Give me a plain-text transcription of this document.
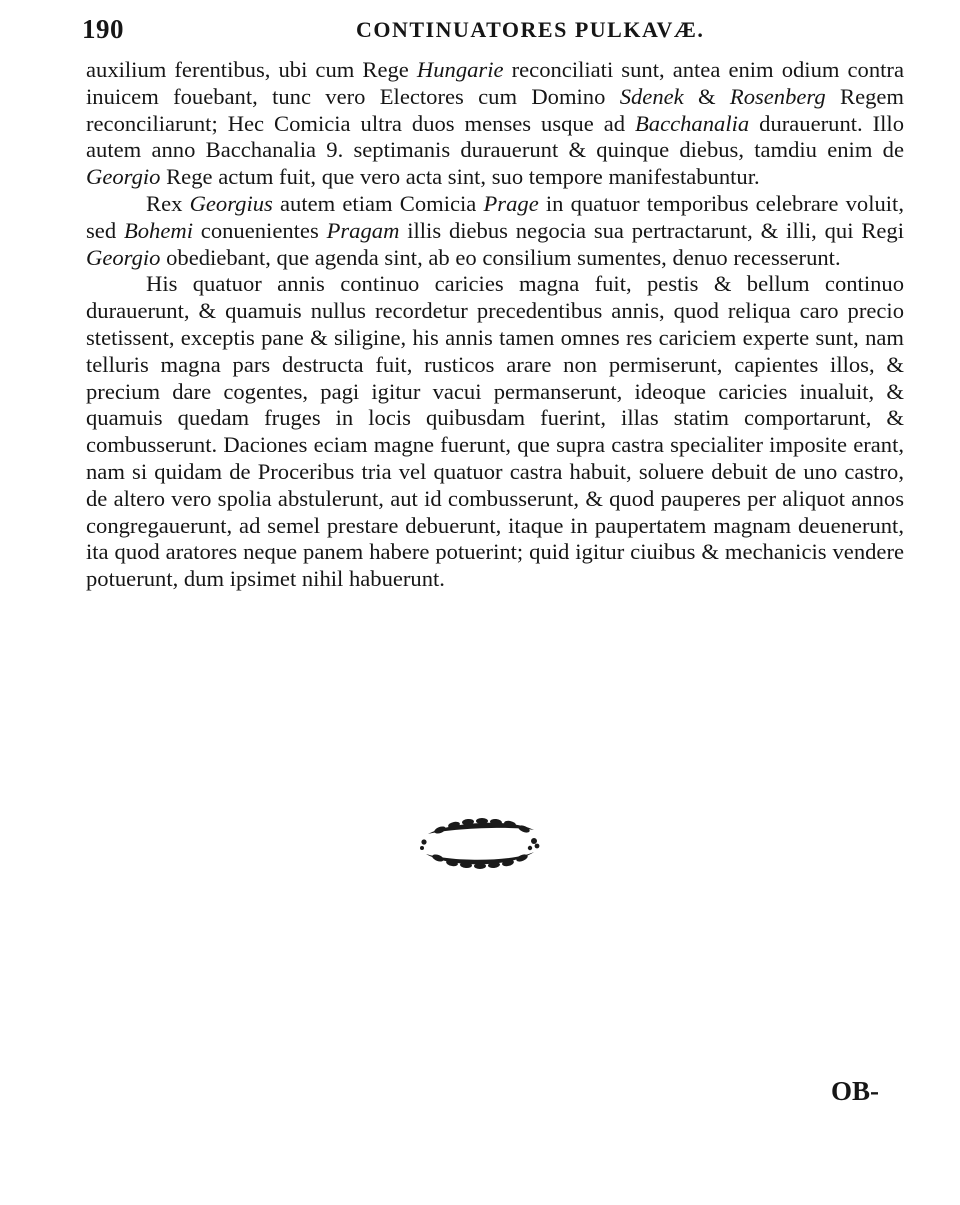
190	CONTINUATORES PULKAVÆ.

auxilium ferentibus, ubi cum Rege Hungarie reconciliati sunt, antea enim odium contra inuicem fouebant, tunc vero Electores cum Domino Sdenek & Rosenberg Regem reconciliarunt; Hec Comicia ultra duos menses usque ad Bacchanalia durauerunt. Illo autem anno Bacchanalia 9. septimanis durauerunt & quinque diebus, tamdiu enim de Georgio Rege actum fuit, que vero acta sint, suo tempore manifestabuntur.

Rex Georgius autem etiam Comicia Prage in quatuor temporibus celebrare voluit, sed Bohemi conuenientes Pragam illis diebus negocia sua pertractarunt, & illi, qui Regi Georgio obediebant, que agenda sint, ab eo consilium sumentes, denuo recesserunt.

His quatuor annis continuo caricies magna fuit, pestis & bellum continuo durauerunt, & quamuis nullus recordetur precedentibus annis, quod reliqua caro precio stetissent, exceptis pane & siligine, his annis tamen omnes res cariciem experte sunt, nam telluris magna pars destructa fuit, rusticos arare non permiserunt, capientes illos, & precium dare cogentes, pagi igitur vacui permanserunt, ideoque caricies inualuit, & quamuis quedam fruges in locis quibusdam fuerint, illas statim comportarunt, & combusserunt. Daciones eciam magne fuerunt, que supra castra specialiter imposite erant, nam si quidam de Proceribus tria vel quatuor castra habuit, soluere debuit de uno castro, de altero vero spolia abstulerunt, aut id combusserunt, & quod pauperes per aliquot annos congregauerunt, ad semel prestare debuerunt, itaque in paupertatem magnam deuenerunt, ita quod aratores neque panem habere potuerint; quid igitur ciuibus & mechanicis vendere potuerunt, dum ipsimet nihil habuerunt.

OB-
